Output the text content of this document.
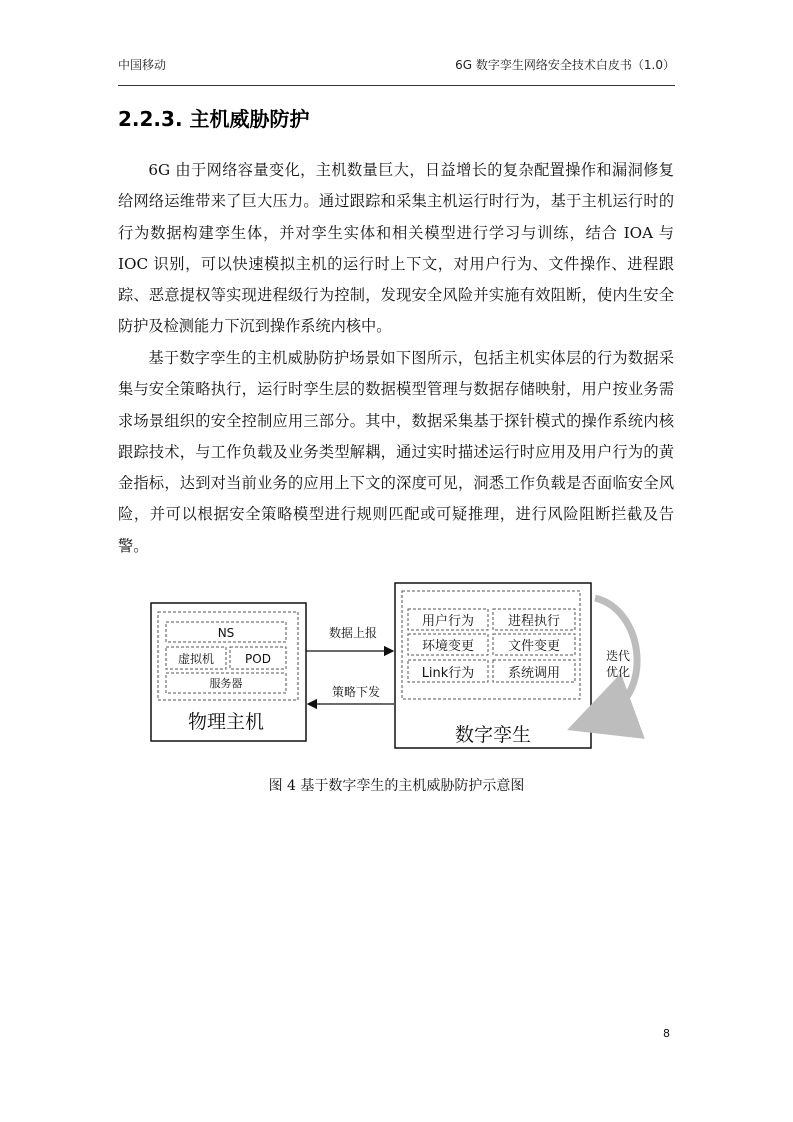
中国移动	6G 数字孪生网络安全技术白皮书（1.0）
2.2.3. 主机威胁防护

6G 由于网络容量变化，主机数量巨大，日益增长的复杂配置操作和漏洞修复给网络运维带来了巨大压力。通过跟踪和采集主机运行时行为，基于主机运行时的行为数据构建孪生体，并对孪生实体和相关模型进行学习与训练，结合 IOA 与 IOC 识别，可以快速模拟主机的运行时上下文，对用户行为、文件操作、进程跟踪、恶意提权等实现进程级行为控制，发现安全风险并实施有效阻断，使内生安全防护及检测能力下沉到操作系统内核中。

基于数字孪生的主机威胁防护场景如下图所示，包括主机实体层的行为数据采集与安全策略执行，运行时孪生层的数据模型管理与数据存储映射，用户按业务需求场景组织的安全控制应用三部分。其中，数据采集基于探针模式的操作系统内核跟踪技术，与工作负载及业务类型解耦，通过实时描述运行时应用及用户行为的黄金指标，达到对当前业务的应用上下文的深度可见，洞悉工作负载是否面临安全风险，并可以根据安全策略模型进行规则匹配或可疑推理，进行风险阻断拦截及告警。

NS
虚拟机	POD
服务器
物理主机
数据上报
策略下发
用户行为	进程执行
环境变更	文件变更
Link行为	系统调用
数字孪生
迭代
优化
图 4 基于数字孪生的主机威胁防护示意图
8
